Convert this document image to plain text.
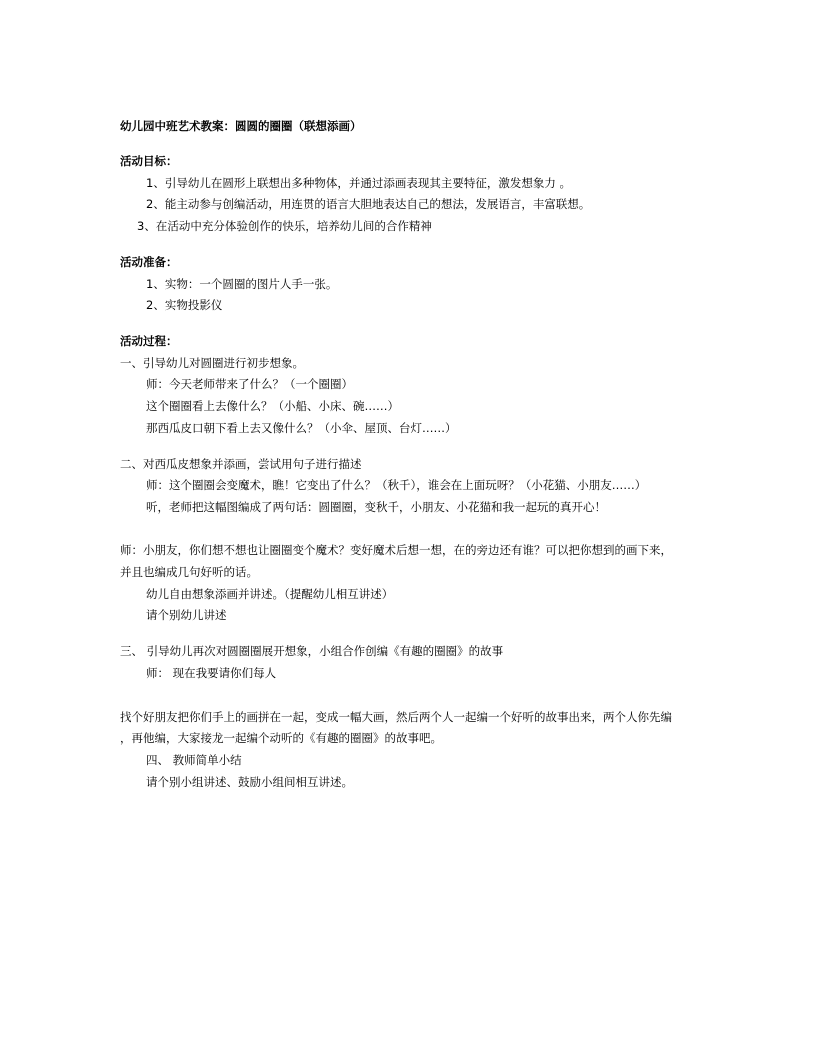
幼儿园中班艺术教案：圆圆的圈圈（联想添画）
活动目标：
1、引导幼儿在圆形上联想出多种物体，并通过添画表现其主要特征，激发想象力 。
2、能主动参与创编活动，用连贯的语言大胆地表达自己的想法，发展语言，丰富联想。
3、在活动中充分体验创作的快乐，培养幼儿间的合作精神
活动准备：
1、实物：一个圆圈的图片人手一张。
2、实物投影仪
活动过程：
一、引导幼儿对圆圈进行初步想象。
师：今天老师带来了什么？（一个圈圈）
这个圈圈看上去像什么？（小船、小床、碗……）
那西瓜皮口朝下看上去又像什么？（小伞、屋顶、台灯……）
二、对西瓜皮想象并添画，尝试用句子进行描述
师：这个圈圈会变魔术，瞧！它变出了什么？（秋千），谁会在上面玩呀？（小花猫、小朋友……）
听，老师把这幅图编成了两句话：圆圈圈，变秋千，小朋友、小花猫和我一起玩的真开心！
师：小朋友，你们想不想也让圈圈变个魔术？变好魔术后想一想，在的旁边还有谁？可以把你想到的画下来，
并且也编成几句好听的话。
幼儿自由想象添画并讲述。（提醒幼儿相互讲述）
请个别幼儿讲述
三、 引导幼儿再次对圆圈圈展开想象，小组合作创编《有趣的圈圈》的故事
师： 现在我要请你们每人
找个好朋友把你们手上的画拼在一起，变成一幅大画，然后两个人一起编一个好听的故事出来，两个人你先编
，再他编，大家接龙一起编个动听的《有趣的圈圈》的故事吧。
四、 教师简单小结
请个别小组讲述、鼓励小组间相互讲述。
